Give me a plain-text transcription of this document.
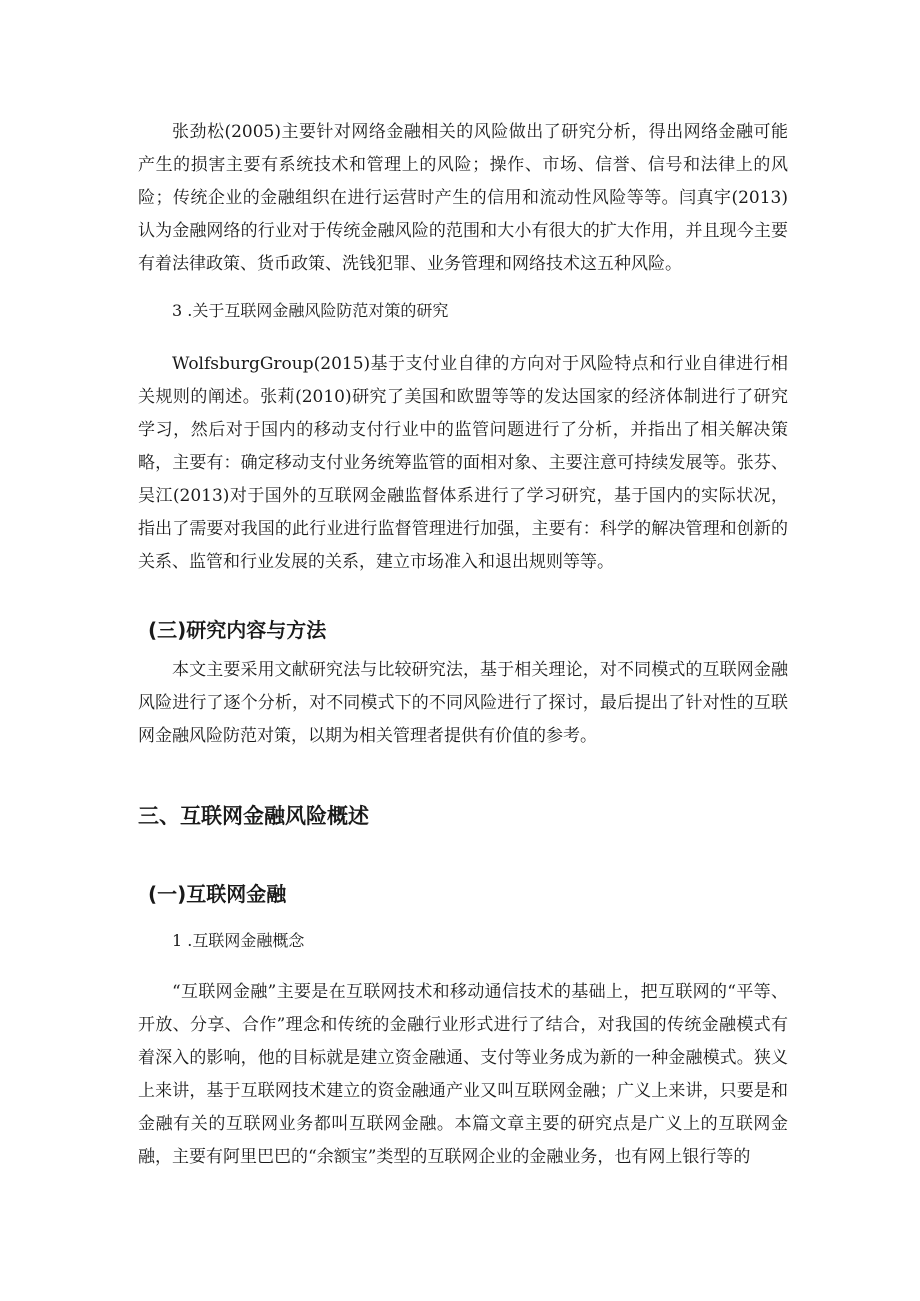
张劲松(2005)主要针对网络金融相关的风险做出了研究分析，得出网络金融可能产生的损害主要有系统技术和管理上的风险；操作、市场、信誉、信号和法律上的风险；传统企业的金融组织在进行运营时产生的信用和流动性风险等等。闫真宇(2013)认为金融网络的行业对于传统金融风险的范围和大小有很大的扩大作用，并且现今主要有着法律政策、货币政策、洗钱犯罪、业务管理和网络技术这五种风险。

3 .关于互联网金融风险防范对策的研究

WolfsburgGroup(2015)基于支付业自律的方向对于风险特点和行业自律进行相关规则的阐述。张莉(2010)研究了美国和欧盟等等的发达国家的经济体制进行了研究学习，然后对于国内的移动支付行业中的监管问题进行了分析，并指出了相关解决策略，主要有：确定移动支付业务统筹监管的面相对象、主要注意可持续发展等。张芬、吴江(2013)对于国外的互联网金融监督体系进行了学习研究，基于国内的实际状况，指出了需要对我国的此行业进行监督管理进行加强，主要有：科学的解决管理和创新的关系、监管和行业发展的关系，建立市场准入和退出规则等等。

(三)研究内容与方法

本文主要采用文献研究法与比较研究法，基于相关理论，对不同模式的互联网金融风险进行了逐个分析，对不同模式下的不同风险进行了探讨，最后提出了针对性的互联网金融风险防范对策，以期为相关管理者提供有价值的参考。

三、互联网金融风险概述

(一)互联网金融

1 .互联网金融概念

“互联网金融”主要是在互联网技术和移动通信技术的基础上，把互联网的“平等、开放、分享、合作”理念和传统的金融行业形式进行了结合，对我国的传统金融模式有着深入的影响，他的目标就是建立资金融通、支付等业务成为新的一种金融模式。狭义上来讲，基于互联网技术建立的资金融通产业又叫互联网金融；广义上来讲，只要是和金融有关的互联网业务都叫互联网金融。本篇文章主要的研究点是广义上的互联网金融，主要有阿里巴巴的“余额宝”类型的互联网企业的金融业务，也有网上银行等的
